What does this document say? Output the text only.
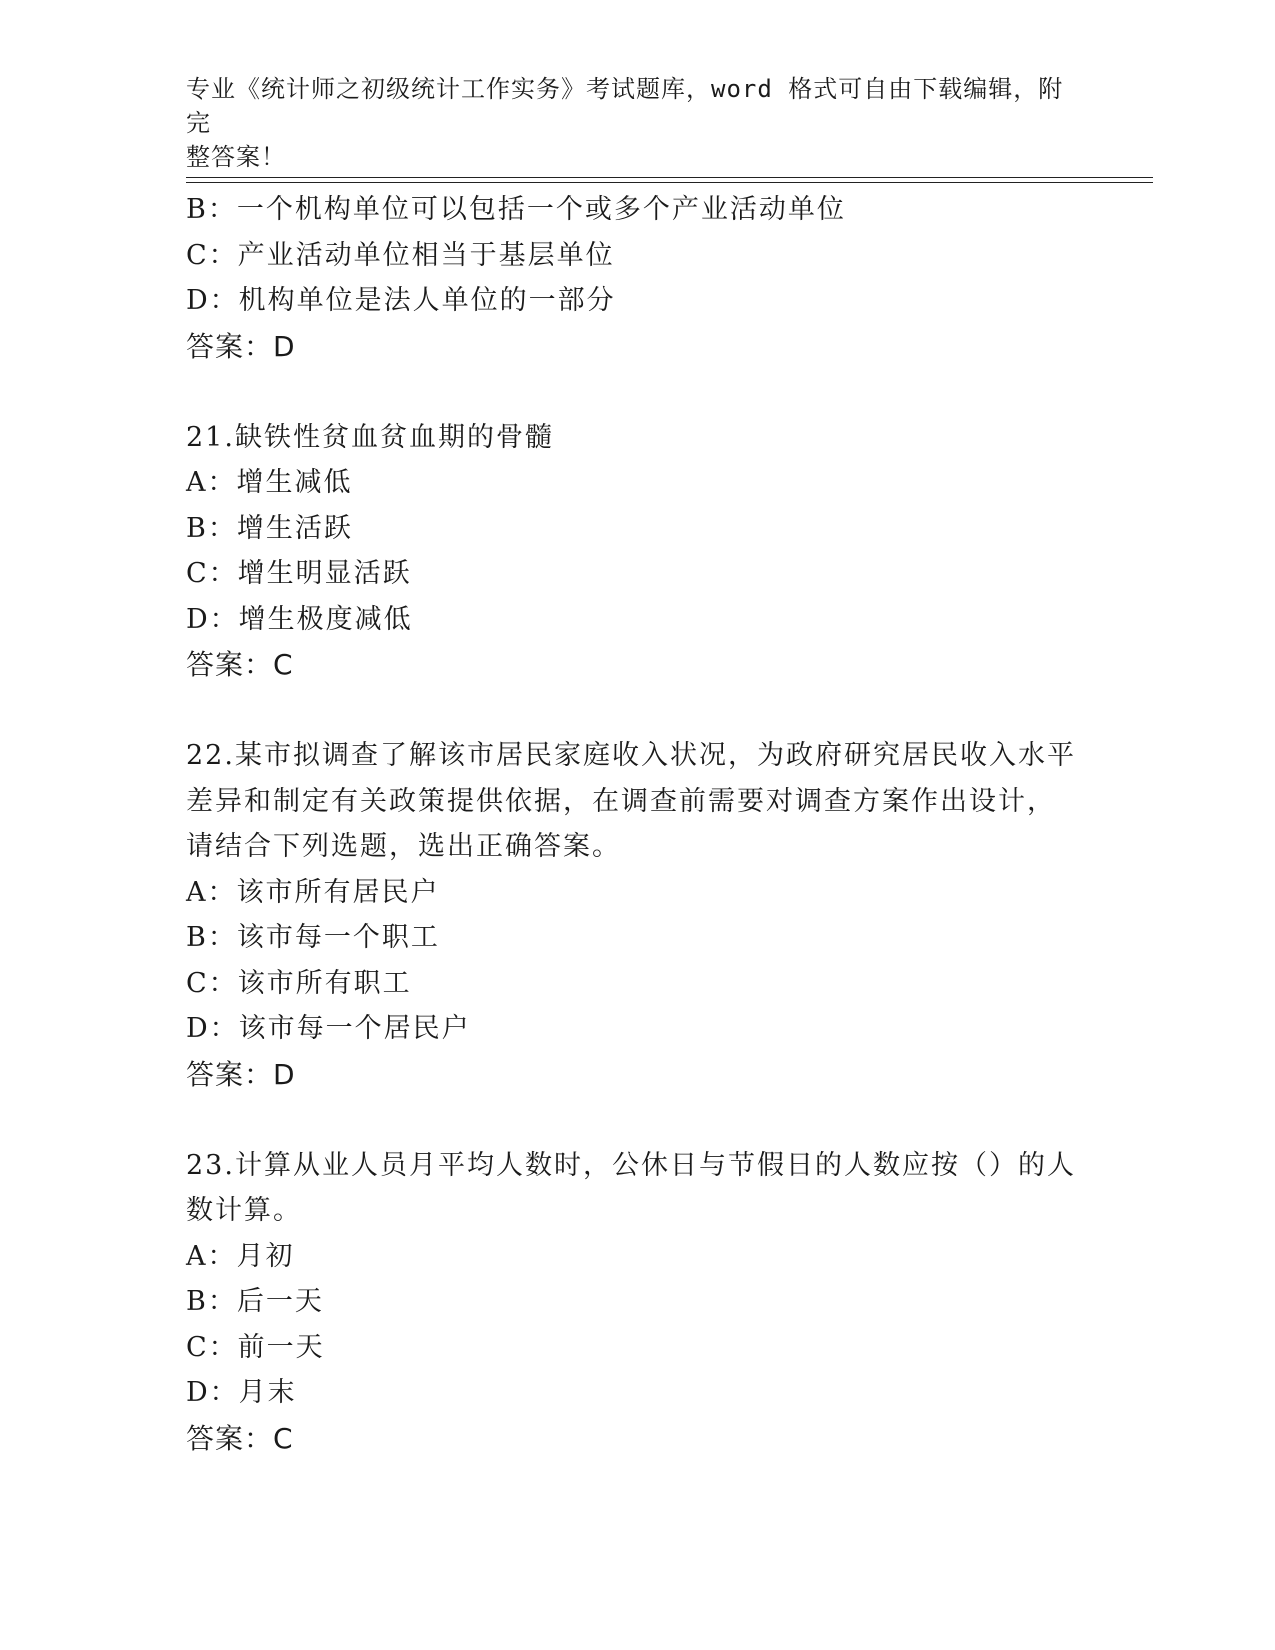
专业《统计师之初级统计工作实务》考试题库，word 格式可自由下载编辑，附完
整答案！
B：一个机构单位可以包括一个或多个产业活动单位
C：产业活动单位相当于基层单位
D：机构单位是法人单位的一部分
答案：D
21.缺铁性贫血贫血期的骨髓
A：增生减低
B：增生活跃
C：增生明显活跃
D：增生极度减低
答案：C
22.某市拟调查了解该市居民家庭收入状况，为政府研究居民收入水平
差异和制定有关政策提供依据，在调查前需要对调查方案作出设计，
请结合下列选题，选出正确答案。
A：该市所有居民户
B：该市每一个职工
C：该市所有职工
D：该市每一个居民户
答案：D
23.计算从业人员月平均人数时，公休日与节假日的人数应按（）的人
数计算。
A：月初
B：后一天
C：前一天
D：月末
答案：C
